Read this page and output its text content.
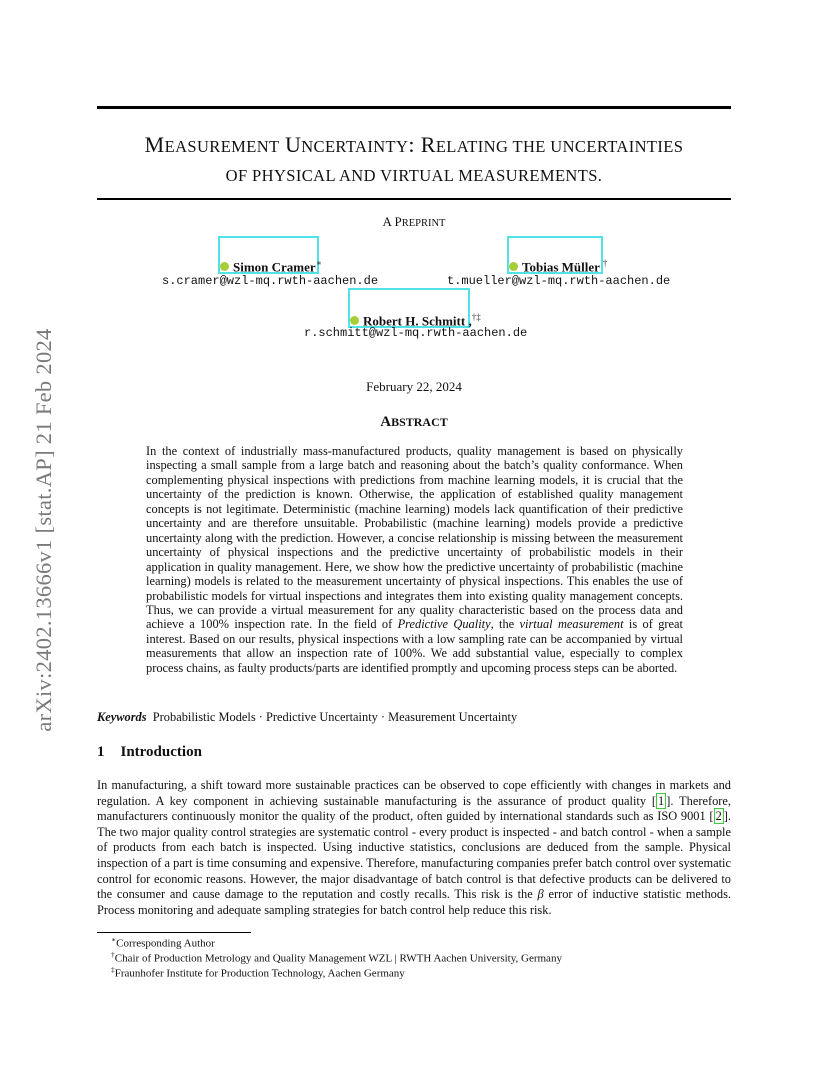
arXiv:2402.13666v1 [stat.AP] 21 Feb 2024
MEASUREMENT UNCERTAINTY: RELATING THE UNCERTAINTIES
OF PHYSICAL AND VIRTUAL MEASUREMENTS.
A PREPRINT
Simon Cramer∗
s.cramer@wzl-mq.rwth-aachen.de
Tobias Müller †
t.mueller@wzl-mq.rwth-aachen.de
Robert H. Schmitt ,†‡
r.schmitt@wzl-mq.rwth-aachen.de
February 22, 2024
ABSTRACT
In the context of industrially mass-manufactured products, quality management is based on physically inspecting a small sample from a large batch and reasoning about the batch’s quality conformance. When complementing physical inspections with predictions from machine learning models, it is crucial that the uncertainty of the prediction is known. Otherwise, the application of established quality management concepts is not legitimate. Deterministic (machine learning) models lack quantification of their predictive uncertainty and are therefore unsuitable. Probabilistic (machine learning) models provide a predictive uncertainty along with the prediction. However, a concise relationship is missing between the measurement uncertainty of physical inspections and the predictive uncertainty of probabilistic models in their application in quality management. Here, we show how the predictive uncertainty of probabilistic (machine learning) models is related to the measurement uncertainty of physical inspections. This enables the use of probabilistic models for virtual inspections and integrates them into existing quality management concepts. Thus, we can provide a virtual measurement for any quality characteristic based on the process data and achieve a 100% inspection rate. In the field of Predictive Quality, the virtual measurement is of great interest. Based on our results, physical inspections with a low sampling rate can be accompanied by virtual measurements that allow an inspection rate of 100%. We add substantial value, especially to complex process chains, as faulty products/parts are identified promptly and upcoming process steps can be aborted.
Keywords Probabilistic Models · Predictive Uncertainty · Measurement Uncertainty
1 Introduction
In manufacturing, a shift toward more sustainable practices can be observed to cope efficiently with changes in markets and regulation. A key component in achieving sustainable manufacturing is the assurance of product quality [ 1 ]. Therefore, manufacturers continuously monitor the quality of the product, often guided by international standards such as ISO 9001 [ 2 ]. The two major quality control strategies are systematic control - every product is inspected - and batch control - when a sample of products from each batch is inspected. Using inductive statistics, conclusions are deduced from the sample. Physical inspection of a part is time consuming and expensive. Therefore, manufacturing companies prefer batch control over systematic control for economic reasons. However, the major disadvantage of batch control is that defective products can be delivered to the consumer and cause damage to the reputation and costly recalls. This risk is the β error of inductive statistic methods. Process monitoring and adequate sampling strategies for batch control help reduce this risk.
∗Corresponding Author
†Chair of Production Metrology and Quality Management WZL | RWTH Aachen University, Germany
‡Fraunhofer Institute for Production Technology, Aachen Germany
